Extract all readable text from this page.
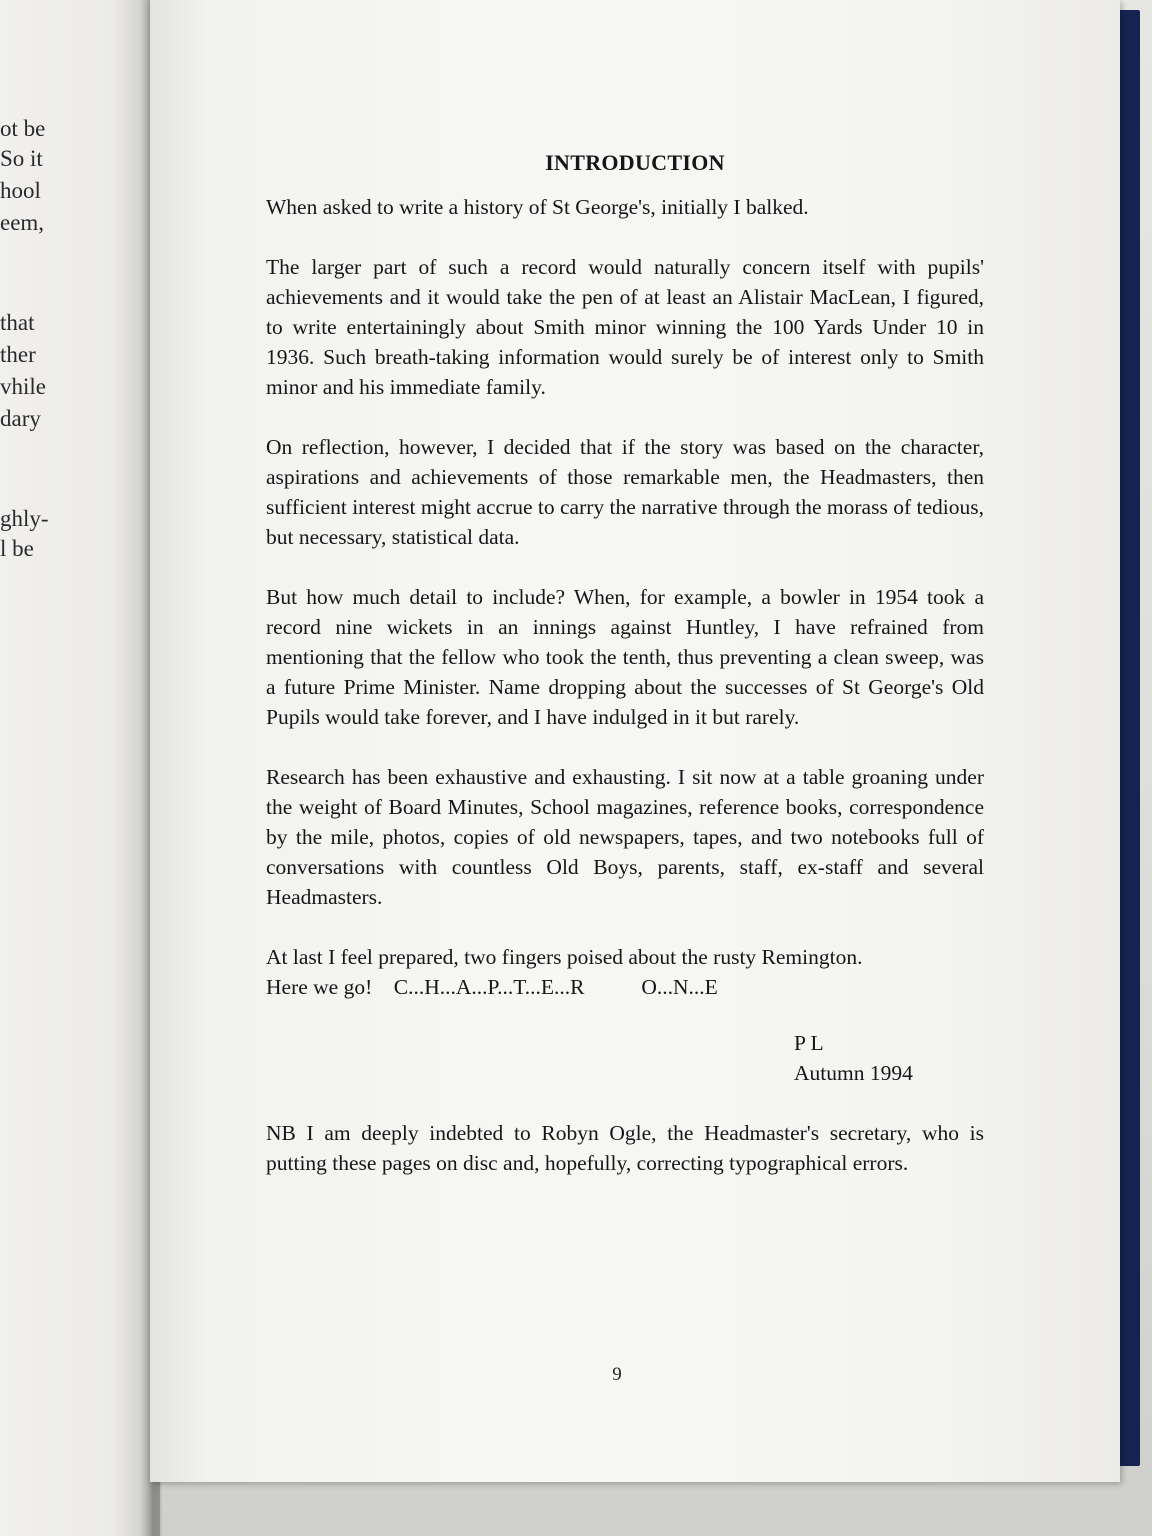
ot be
So it
hool
eem,
that
ther
vhile
dary
ghly-
l be
INTRODUCTION

When asked to write a history of St George's, initially I balked.

The larger part of such a record would naturally concern itself with pupils' achievements and it would take the pen of at least an Alistair MacLean, I figured, to write entertainingly about Smith minor winning the 100 Yards Under 10 in 1936. Such breath-taking information would surely be of interest only to Smith minor and his immediate family.

On reflection, however, I decided that if the story was based on the character, aspirations and achievements of those remarkable men, the Headmasters, then sufficient interest might accrue to carry the narrative through the morass of tedious, but necessary, statistical data.

But how much detail to include? When, for example, a bowler in 1954 took a record nine wickets in an innings against Huntley, I have refrained from mentioning that the fellow who took the tenth, thus preventing a clean sweep, was a future Prime Minister. Name dropping about the successes of St George's Old Pupils would take forever, and I have indulged in it but rarely.

Research has been exhaustive and exhausting. I sit now at a table groaning under the weight of Board Minutes, School magazines, reference books, correspondence by the mile, photos, copies of old newspapers, tapes, and two notebooks full of conversations with countless Old Boys, parents, staff, ex-staff and several Headmasters.

At last I feel prepared, two fingers poised about the rusty Remington.
Here we go! C...H...A...P...T...E...R     O...N...E

P L
Autumn 1994

NB I am deeply indebted to Robyn Ogle, the Headmaster's secretary, who is putting these pages on disc and, hopefully, correcting typographical errors.

9
